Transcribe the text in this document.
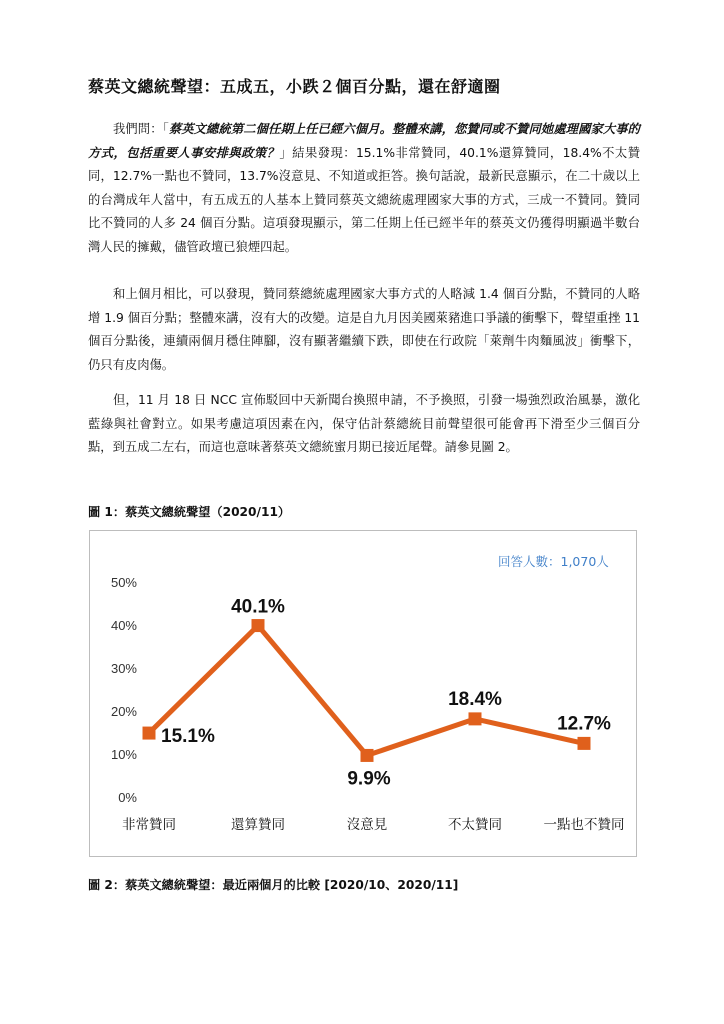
蔡英文總統聲望：五成五，小跌２個百分點，還在舒適圈

我們問：「蔡英文總統第二個任期上任已經六個月。整體來講，您贊同或不贊同她處理國家大事的方式，包括重要人事安排與政策？」結果發現：15.1%非常贊同，40.1%還算贊同，18.4%不太贊同，12.7%一點也不贊同，13.7%沒意見、不知道或拒答。換句話說，最新民意顯示，在二十歲以上的台灣成年人當中，有五成五的人基本上贊同蔡英文總統處理國家大事的方式，三成一不贊同。贊同比不贊同的人多 24 個百分點。這項發現顯示，第二任期上任已經半年的蔡英文仍獲得明顯過半數台灣人民的擁戴，儘管政壇已狼煙四起。

和上個月相比，可以發現，贊同蔡總統處理國家大事方式的人略減 1.4 個百分點，不贊同的人略增 1.9 個百分點；整體來講，沒有大的改變。這是自九月因美國萊豬進口爭議的衝擊下，聲望重挫 11 個百分點後，連續兩個月穩住陣腳，沒有顯著繼續下跌，即使在行政院「萊劑牛肉麵風波」衝擊下，仍只有皮肉傷。

但，11 月 18 日 NCC 宣佈駁回中天新聞台換照申請，不予換照，引發一場強烈政治風暴，激化藍綠與社會對立。如果考慮這項因素在內，保守估計蔡總統目前聲望很可能會再下滑至少三個百分點，到五成二左右，而這也意味著蔡英文總統蜜月期已接近尾聲。請參見圖 2。

圖 1：蔡英文總統聲望（2020/11）
回答人數：1,070人
0%
10%
20%
30%
40%
50%
非常贊同	還算贊同	沒意見	不太贊同	一點也不贊同
15.1%
40.1%
9.9%
18.4%
12.7%
圖 2：蔡英文總統聲望：最近兩個月的比較 [2020/10、2020/11]
